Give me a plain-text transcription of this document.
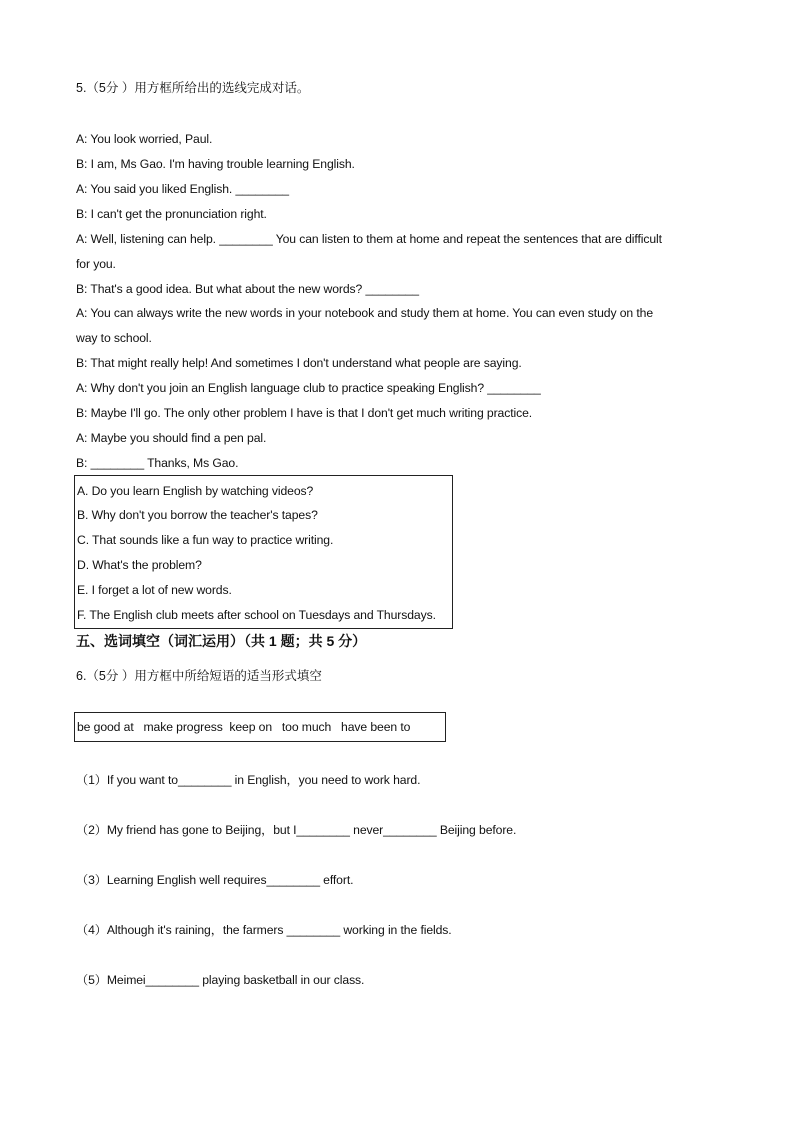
5.（5分 ）用方框所给出的选线完成对话。
A: You look worried, Paul.
B: I am, Ms Gao. I'm having trouble learning English.
A: You said you liked English. ________
B: I can't get the pronunciation right.
A: Well, listening can help. ________ You can listen to them at home and repeat the sentences that are difficult
for you.
B: That's a good idea. But what about the new words? ________
A: You can always write the new words in your notebook and study them at home. You can even study on the
way to school.
B: That might really help! And sometimes I don't understand what people are saying.
A: Why don't you join an English language club to practice speaking English? ________
B: Maybe I'll go. The only other problem I have is that I don't get much writing practice.
A: Maybe you should find a pen pal.
B: ________ Thanks, Ms Gao.
A. Do you learn English by watching videos?
B. Why don't you borrow the teacher's tapes?
C. That sounds like a fun way to practice writing.
D. What's the problem?
E. I forget a lot of new words.
F. The English club meets after school on Tuesdays and Thursdays.
五、选词填空（词汇运用）（共 1 题；共 5 分）
6.（5分 ）用方框中所给短语的适当形式填空
be good at   make progress  keep on   too much   have been to
（1）If you want to________ in English，you need to work hard.
（2）My friend has gone to Beijing，but I________ never________ Beijing before.
（3）Learning English well requires________ effort.
（4）Although it's raining，the farmers ________ working in the fields.
（5）Meimei________ playing basketball in our class.
